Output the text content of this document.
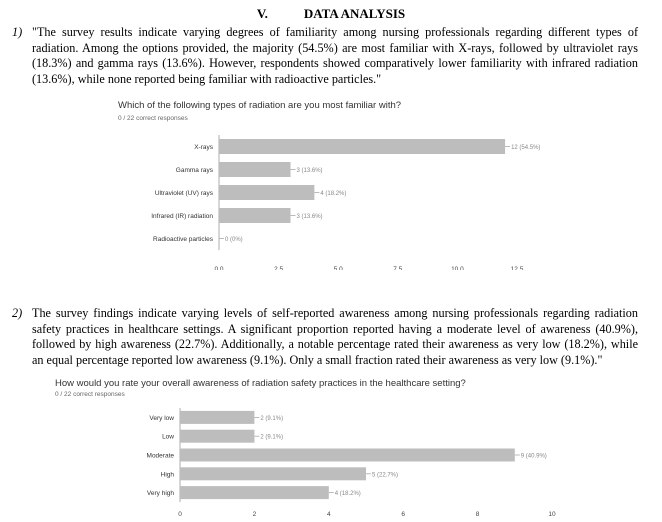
V.	DATA ANALYSIS
1) "The survey results indicate varying degrees of familiarity among nursing professionals regarding different types of radiation. Among the options provided, the majority (54.5%) are most familiar with X-rays, followed by ultraviolet rays (18.3%) and gamma rays (13.6%). However, respondents showed comparatively lower familiarity with infrared radiation (13.6%), while none reported being familiar with radioactive particles."
Which of the following types of radiation are you most familiar with?
0 / 22 correct responses
X-rays	12 (54.5%)
Gamma rays	3 (13.6%)
Ultraviolet (UV) rays	4 (18.2%)
Infrared (IR) radiation	3 (13.6%)
Radioactive particles 0 (0%)
0.0	2.5	5.0	7.5	10.0	12.5
2) The survey findings indicate varying levels of self-reported awareness among nursing professionals regarding radiation safety practices in healthcare settings. A significant proportion reported having a moderate level of awareness (40.9%), followed by high awareness (22.7%). Additionally, a notable percentage rated their awareness as very low (18.2%), while an equal percentage reported low awareness (9.1%). Only a small fraction rated their awareness as very low (9.1%)."
How would you rate your overall awareness of radiation safety practices in the healthcare setting?
0 / 22 correct responses
Very low	2 (9.1%)
Low	2 (9.1%)
Moderate	9 (40.9%)
High	5 (22.7%)
Very high	4 (18.2%)
0	2	4	6	8	10
